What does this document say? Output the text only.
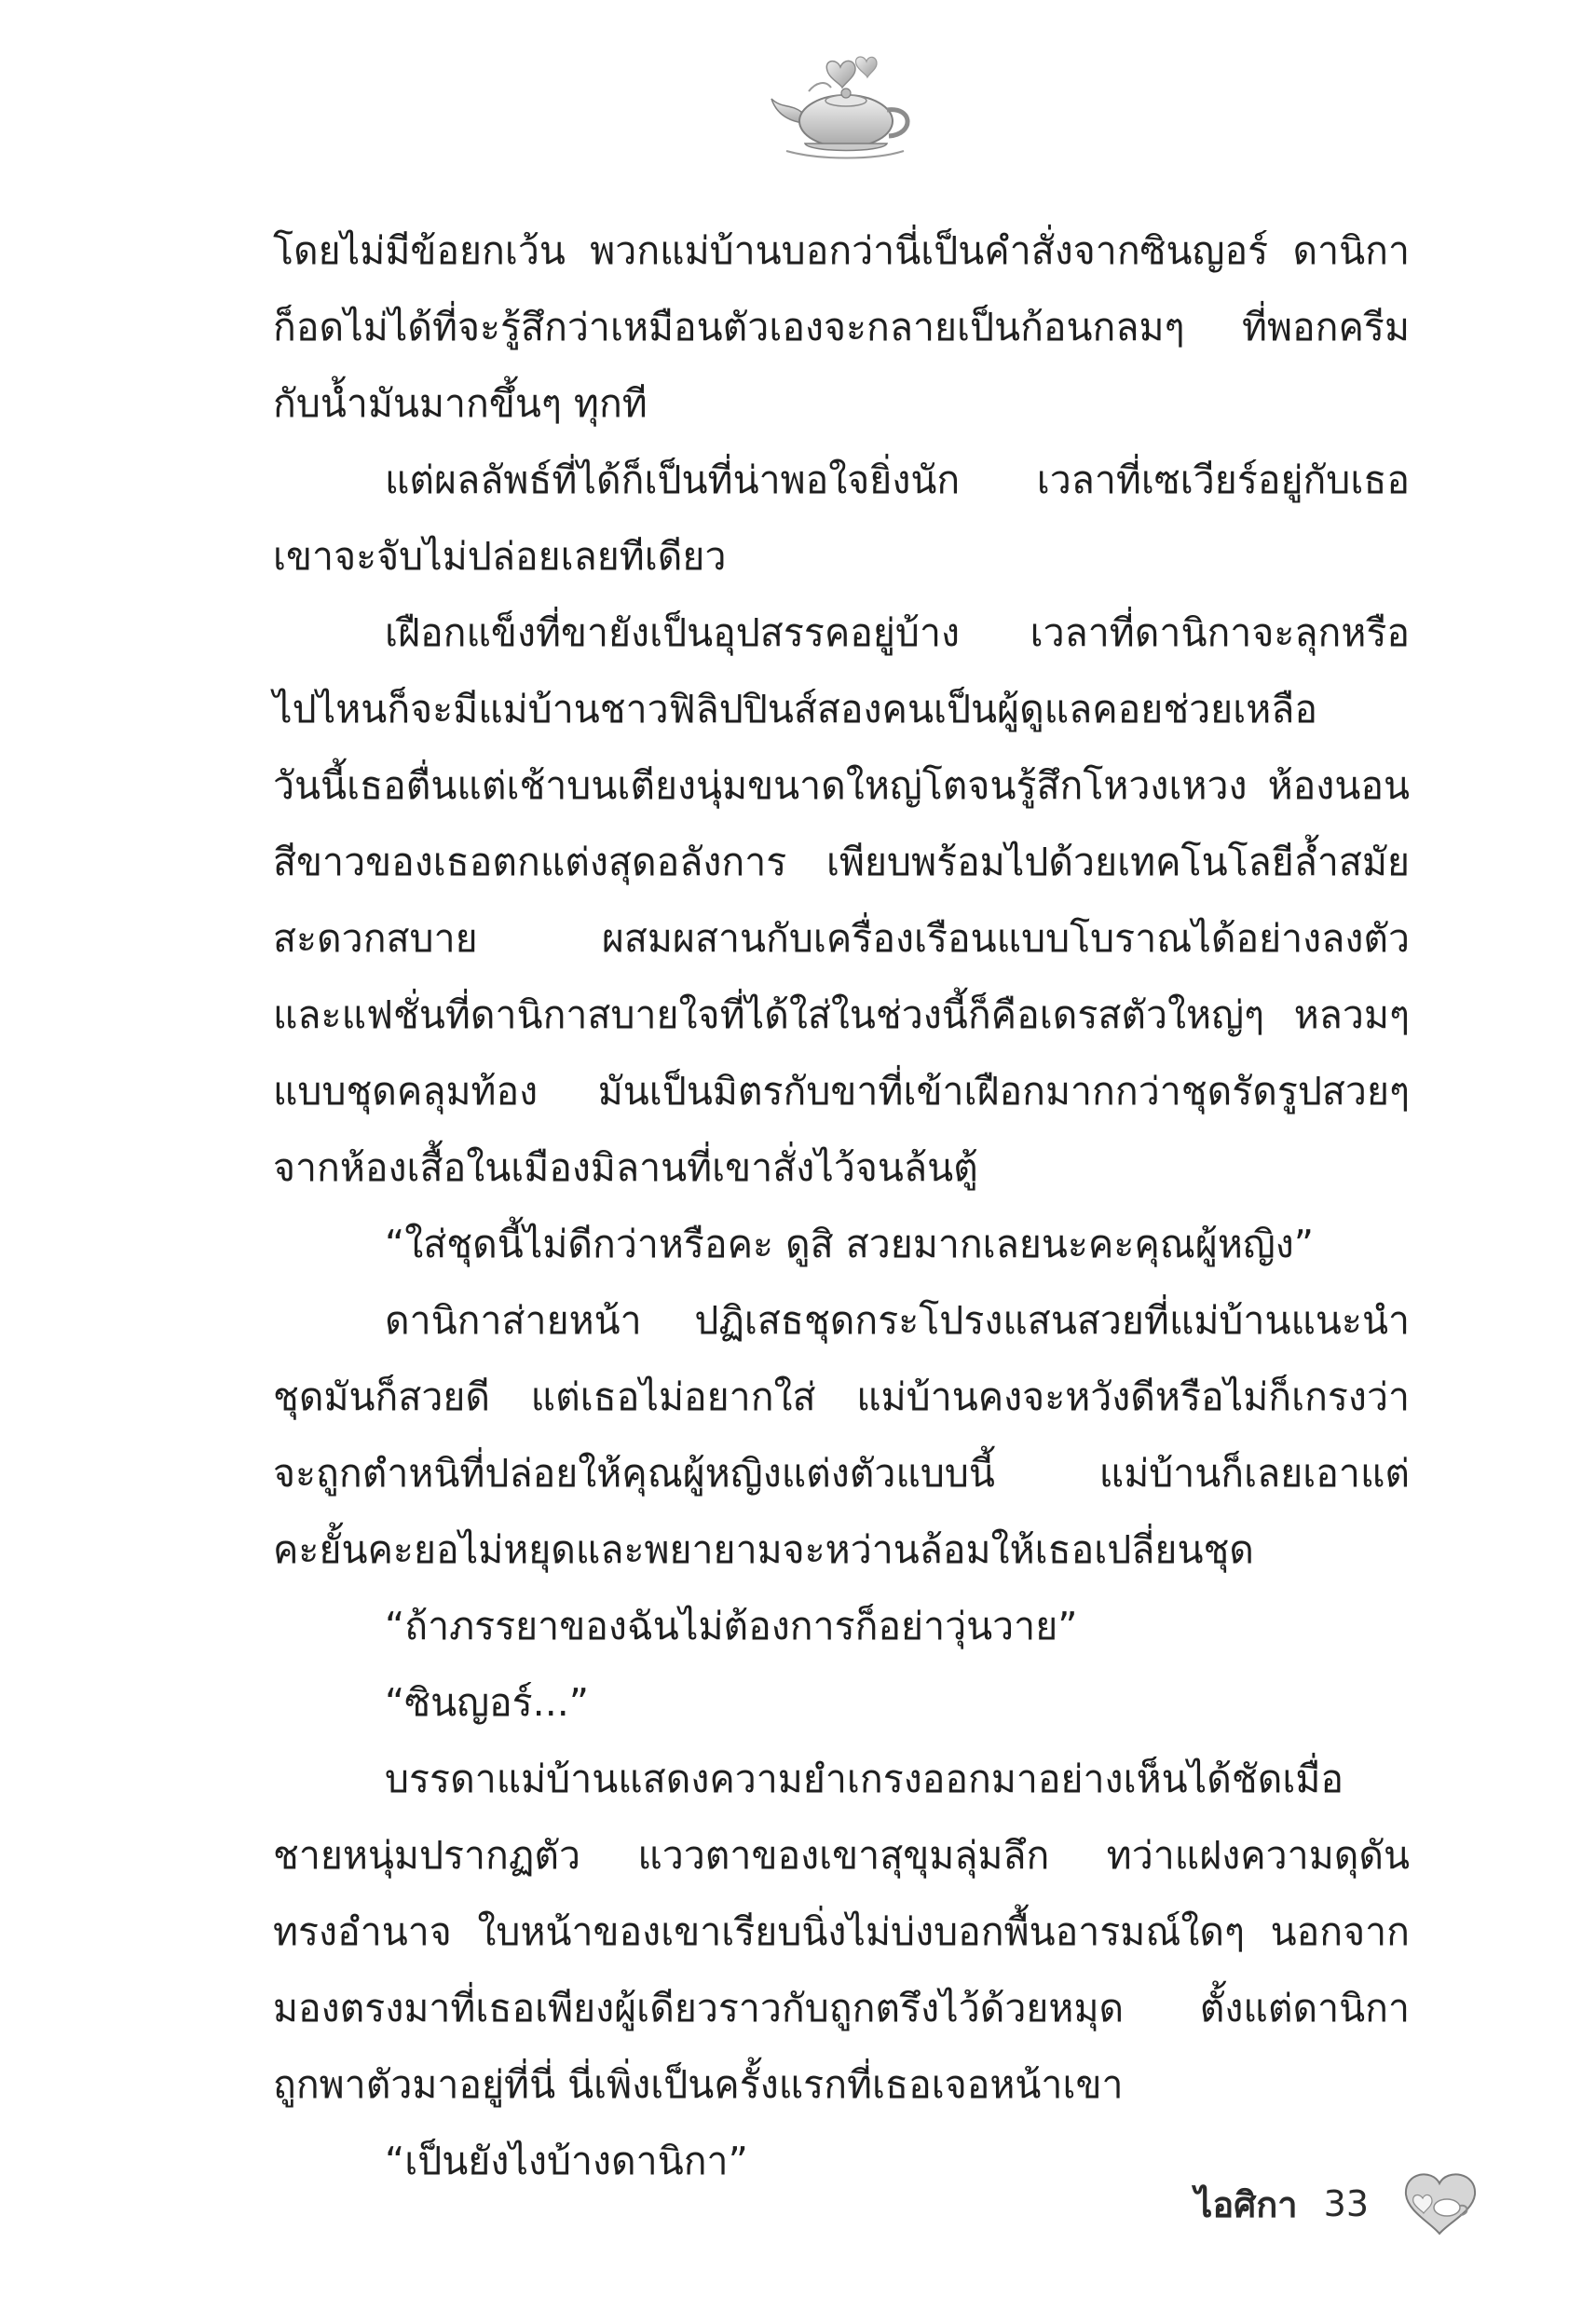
โดยไม่มีข้อยกเว้น พวกแม่บ้านบอกว่านี่เป็นคำสั่งจากซินญอร์ ดานิกา
ก็อดไม่ได้ที่จะรู้สึกว่าเหมือนตัวเองจะกลายเป็นก้อนกลมๆ ที่พอกครีม
กับน้ำมันมากขึ้นๆ ทุกที
แต่ผลลัพธ์ที่ได้ก็เป็นที่น่าพอใจยิ่งนัก เวลาที่เซเวียร์อยู่กับเธอ
เขาจะจับไม่ปล่อยเลยทีเดียว
เฝือกแข็งที่ขายังเป็นอุปสรรคอยู่บ้าง เวลาที่ดานิกาจะลุกหรือ
ไปไหนก็จะมีแม่บ้านชาวฟิลิปปินส์สองคนเป็นผู้ดูแลคอยช่วยเหลือ
วันนี้เธอตื่นแต่เช้าบนเตียงนุ่มขนาดใหญ่โตจนรู้สึกโหวงเหวง ห้องนอน
สีขาวของเธอตกแต่งสุดอลังการ เพียบพร้อมไปด้วยเทคโนโลยีล้ำสมัย
สะดวกสบาย ผสมผสานกับเครื่องเรือนแบบโบราณได้อย่างลงตัว
และแฟชั่นที่ดานิกาสบายใจที่ได้ใส่ในช่วงนี้ก็คือเดรสตัวใหญ่ๆ หลวมๆ
แบบชุดคลุมท้อง มันเป็นมิตรกับขาที่เข้าเฝือกมากกว่าชุดรัดรูปสวยๆ
จากห้องเสื้อในเมืองมิลานที่เขาสั่งไว้จนล้นตู้
“ใส่ชุดนี้ไม่ดีกว่าหรือคะ ดูสิ สวยมากเลยนะคะคุณผู้หญิง”
ดานิกาส่ายหน้า ปฏิเสธชุดกระโปรงแสนสวยที่แม่บ้านแนะนำ
ชุดมันก็สวยดี แต่เธอไม่อยากใส่ แม่บ้านคงจะหวังดีหรือไม่ก็เกรงว่า
จะถูกตำหนิที่ปล่อยให้คุณผู้หญิงแต่งตัวแบบนี้ แม่บ้านก็เลยเอาแต่
คะยั้นคะยอไม่หยุดและพยายามจะหว่านล้อมให้เธอเปลี่ยนชุด
“ถ้าภรรยาของฉันไม่ต้องการก็อย่าวุ่นวาย”
“ซินญอร์...”
บรรดาแม่บ้านแสดงความยำเกรงออกมาอย่างเห็นได้ชัดเมื่อ
ชายหนุ่มปรากฏตัว แววตาของเขาสุขุมลุ่มลึก ทว่าแฝงความดุดัน
ทรงอำนาจ ใบหน้าของเขาเรียบนิ่งไม่บ่งบอกพื้นอารมณ์ใดๆ นอกจาก
มองตรงมาที่เธอเพียงผู้เดียวราวกับถูกตรึงไว้ด้วยหมุด ตั้งแต่ดานิกา
ถูกพาตัวมาอยู่ที่นี่ นี่เพิ่งเป็นครั้งแรกที่เธอเจอหน้าเขา
“เป็นยังไงบ้างดานิกา”
ไอศิกา 33
